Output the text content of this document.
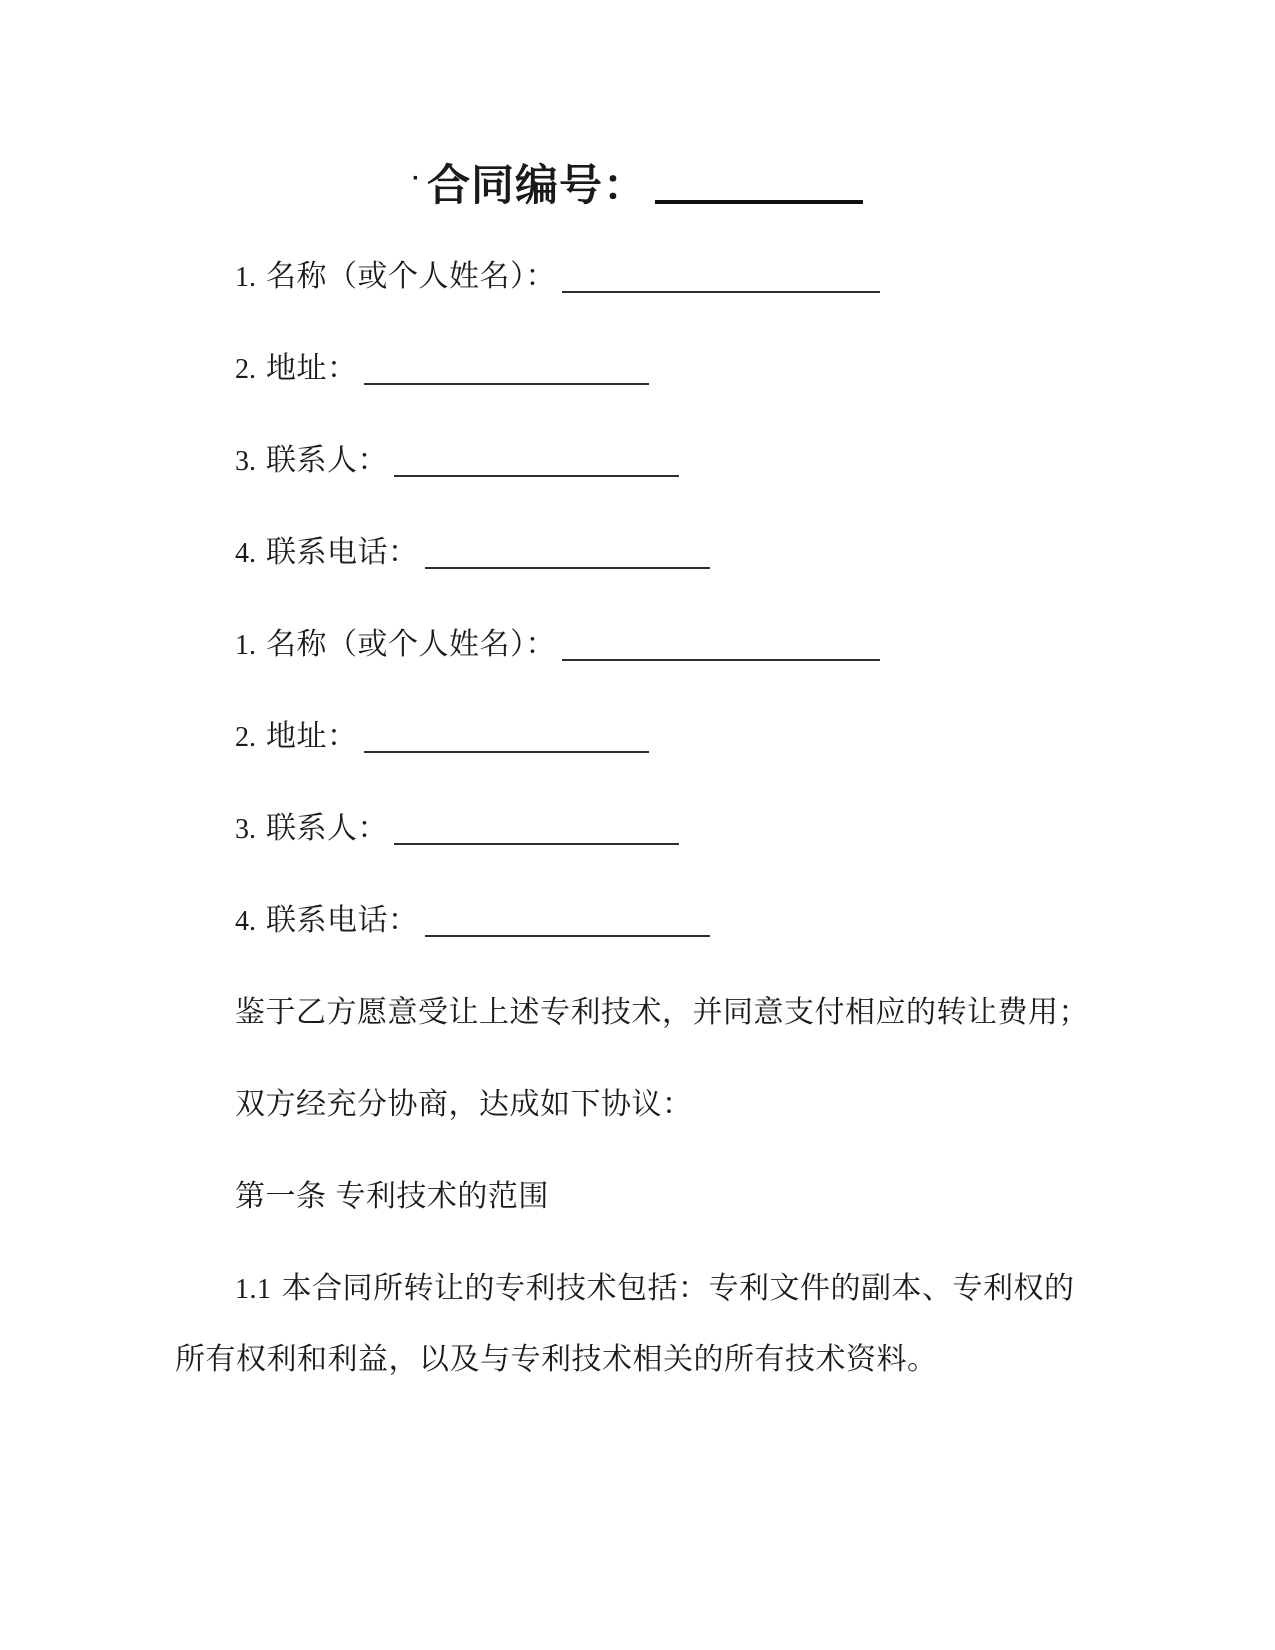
· 合同编号：
1. 名称（或个人姓名）：
2. 地址：
3. 联系人：
4. 联系电话：
1. 名称（或个人姓名）：
2. 地址：
3. 联系人：
4. 联系电话：

鉴于乙方愿意受让上述专利技术，并同意支付相应的转让费用；

双方经充分协商，达成如下协议：

第一条 专利技术的范围

1.1 本合同所转让的专利技术包括：专利文件的副本、专利权的所有权利和利益，以及与专利技术相关的所有技术资料。
